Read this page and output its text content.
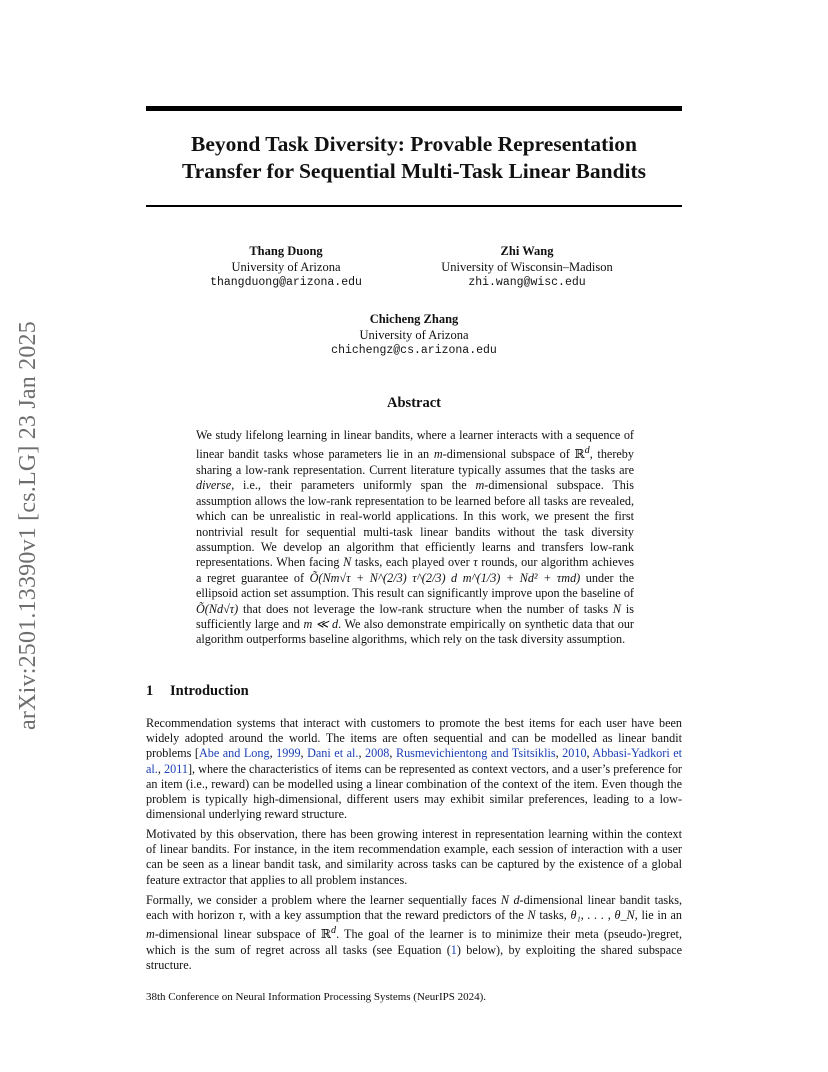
Beyond Task Diversity: Provable Representation
Transfer for Sequential Multi-Task Linear Bandits
Thang Duong
University of Arizona
thangduong@arizona.edu
Zhi Wang
University of Wisconsin–Madison
zhi.wang@wisc.edu
Chicheng Zhang
University of Arizona
chichengz@cs.arizona.edu
arXiv:2501.13390v1 [cs.LG] 23 Jan 2025	Abstract

We study lifelong learning in linear bandits, where a learner interacts with a sequence of linear bandit tasks whose parameters lie in an m-dimensional subspace of ℝ$^d$, thereby sharing a low-rank representation. Current literature typically assumes that the tasks are diverse, i.e., their parameters uniformly span the m-dimensional subspace. This assumption allows the low-rank representation to be learned before all tasks are revealed, which can be unrealistic in real-world applications. In this work, we present the first nontrivial result for sequential multi-task linear bandits without the task diversity assumption. We develop an algorithm that efficiently learns and transfers low-rank representations. When facing N tasks, each played over τ rounds, our algorithm achieves a regret guarantee of Õ(Nm√τ + N^(2/3) τ^(2/3) d m^(1/3) + Nd² + τmd) under the ellipsoid action set assumption. This result can significantly improve upon the baseline of Õ(Nd√τ) that does not leverage the low-rank structure when the number of tasks N is sufficiently large and m ≪ d. We also demonstrate empirically on synthetic data that our algorithm outperforms baseline algorithms, which rely on the task diversity assumption.

1 Introduction

Recommendation systems that interact with customers to promote the best items for each user have been widely adopted around the world. The items are often sequential and can be modelled as linear bandit problems [Abe and Long, 1999, Dani et al., 2008, Rusmevichientong and Tsitsiklis, 2010, Abbasi-Yadkori et al., 2011], where the characteristics of items can be represented as context vectors, and a user’s preference for an item (i.e., reward) can be modelled using a linear combination of the context of the item. Even though the problem is typically high-dimensional, different users may exhibit similar preferences, leading to a low-dimensional underlying reward structure.

Motivated by this observation, there has been growing interest in representation learning within the context of linear bandits. For instance, in the item recommendation example, each session of interaction with a user can be seen as a linear bandit task, and similarity across tasks can be captured by the existence of a global feature extractor that applies to all problem instances.

Formally, we consider a problem where the learner sequentially faces N d-dimensional linear bandit tasks, each with horizon τ, with a key assumption that the reward predictors of the N tasks, θ₁, . . . , θ_N, lie in an m-dimensional linear subspace of ℝ$^d$. The goal of the learner is to minimize their meta (pseudo-)regret, which is the sum of regret across all tasks (see Equation (1) below), by exploiting the shared subspace structure.

38th Conference on Neural Information Processing Systems (NeurIPS 2024).
